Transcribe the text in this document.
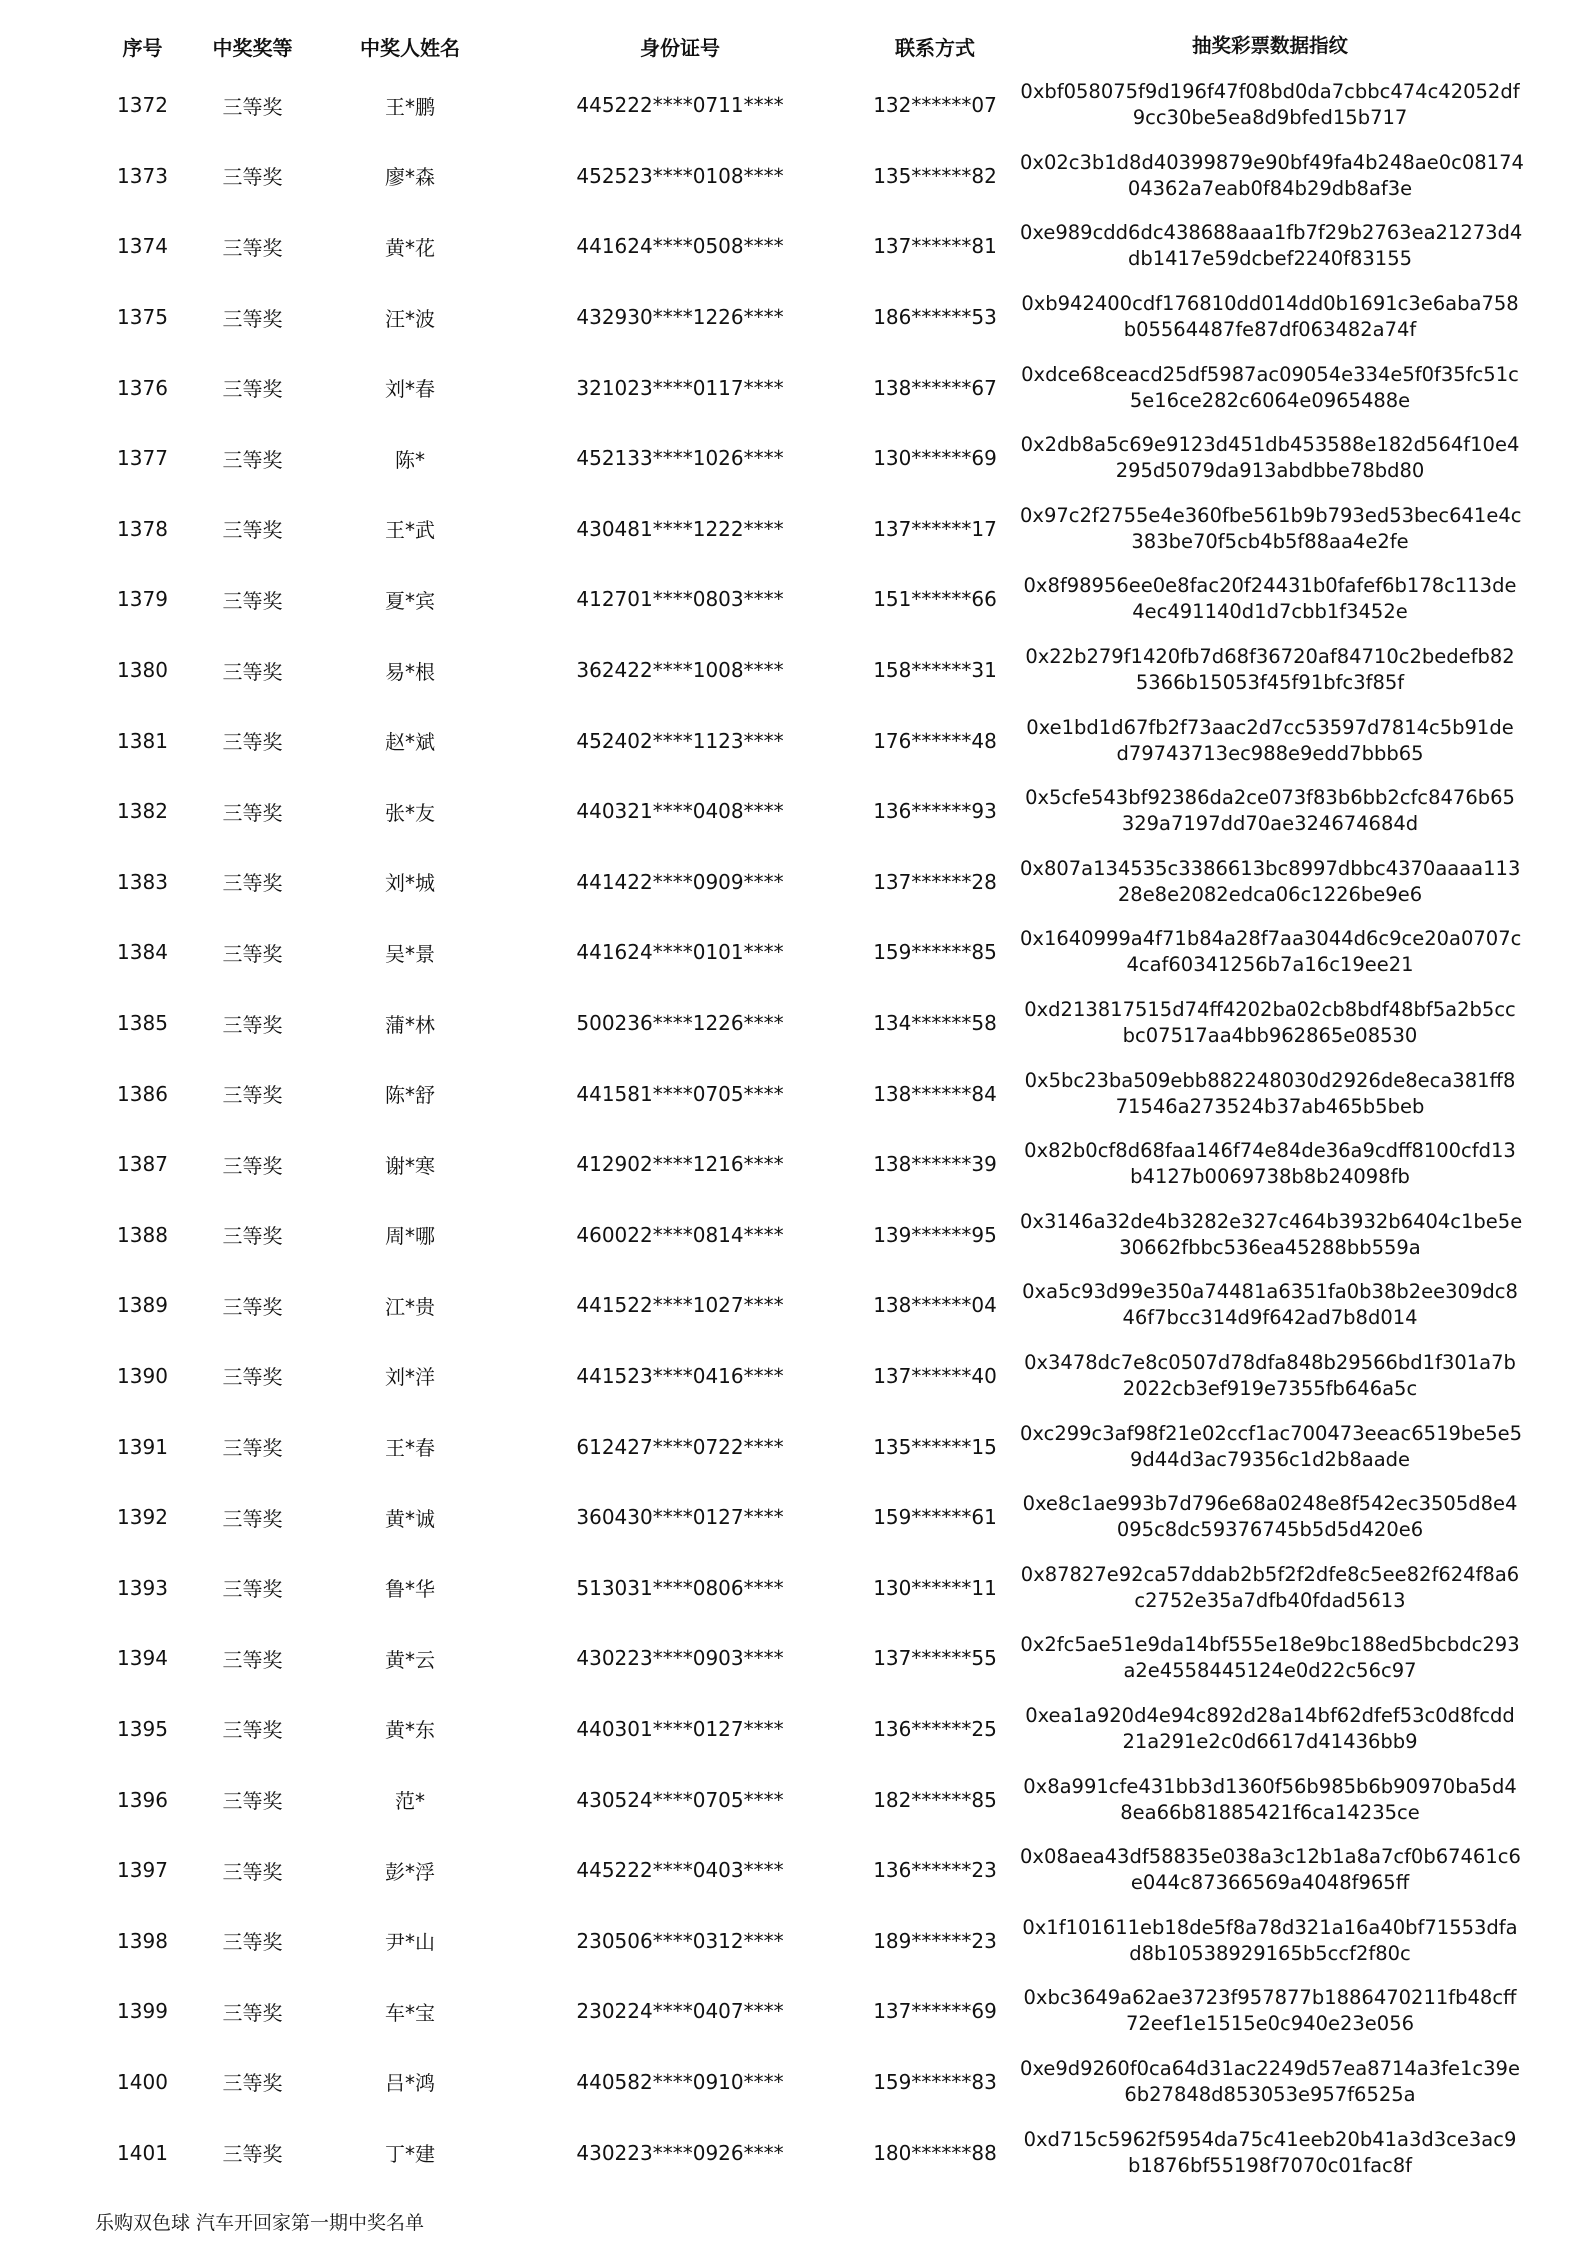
序号	中奖奖等	中奖人姓名	身份证号	联系方式	抽奖彩票数据指纹
1372	三等奖	王*鹏	445222****0711****	132******07
0xbf058075f9d196f47f08bd0da7cbbc474c42052df
9cc30be5ea8d9bfed15b717
1373	三等奖	廖*森	452523****0108****	135******82
0x02c3b1d8d40399879e90bf49fa4b248ae0c08174
04362a7eab0f84b29db8af3e
1374	三等奖	黄*花	441624****0508****	137******81
0xe989cdd6dc438688aaa1fb7f29b2763ea21273d4
db1417e59dcbef2240f83155
1375	三等奖	汪*波	432930****1226****	186******53
0xb942400cdf176810dd014dd0b1691c3e6aba758
b05564487fe87df063482a74f
1376	三等奖	刘*春	321023****0117****	138******67
0xdce68ceacd25df5987ac09054e334e5f0f35fc51c
5e16ce282c6064e0965488e
1377	三等奖	陈*	452133****1026****	130******69
0x2db8a5c69e9123d451db453588e182d564f10e4
295d5079da913abdbbe78bd80
1378	三等奖	王*武	430481****1222****	137******17
0x97c2f2755e4e360fbe561b9b793ed53bec641e4c
383be70f5cb4b5f88aa4e2fe
1379	三等奖	夏*宾	412701****0803****	151******66
0x8f98956ee0e8fac20f24431b0fafef6b178c113de
4ec491140d1d7cbb1f3452e
1380	三等奖	易*根	362422****1008****	158******31
0x22b279f1420fb7d68f36720af84710c2bedefb82
5366b15053f45f91bfc3f85f
1381	三等奖	赵*斌	452402****1123****	176******48
0xe1bd1d67fb2f73aac2d7cc53597d7814c5b91de
d79743713ec988e9edd7bbb65
1382	三等奖	张*友	440321****0408****	136******93
0x5cfe543bf92386da2ce073f83b6bb2cfc8476b65
329a7197dd70ae324674684d
1383	三等奖	刘*城	441422****0909****	137******28
0x807a134535c3386613bc8997dbbc4370aaaa113
28e8e2082edca06c1226be9e6
1384	三等奖	吴*景	441624****0101****	159******85
0x1640999a4f71b84a28f7aa3044d6c9ce20a0707c
4caf60341256b7a16c19ee21
1385	三等奖	蒲*林	500236****1226****	134******58
0xd213817515d74ff4202ba02cb8bdf48bf5a2b5cc
bc07517aa4bb962865e08530
1386	三等奖	陈*舒	441581****0705****	138******84
0x5bc23ba509ebb882248030d2926de8eca381ff8
71546a273524b37ab465b5beb
1387	三等奖	谢*寒	412902****1216****	138******39
0x82b0cf8d68faa146f74e84de36a9cdff8100cfd13
b4127b0069738b8b24098fb
1388	三等奖	周*哪	460022****0814****	139******95
0x3146a32de4b3282e327c464b3932b6404c1be5e
30662fbbc536ea45288bb559a
1389	三等奖	江*贵	441522****1027****	138******04
0xa5c93d99e350a74481a6351fa0b38b2ee309dc8
46f7bcc314d9f642ad7b8d014
1390	三等奖	刘*洋	441523****0416****	137******40
0x3478dc7e8c0507d78dfa848b29566bd1f301a7b
2022cb3ef919e7355fb646a5c
1391	三等奖	王*春	612427****0722****	135******15
0xc299c3af98f21e02ccf1ac700473eeac6519be5e5
9d44d3ac79356c1d2b8aade
1392	三等奖	黄*诚	360430****0127****	159******61
0xe8c1ae993b7d796e68a0248e8f542ec3505d8e4
095c8dc59376745b5d5d420e6
1393	三等奖	鲁*华	513031****0806****	130******11
0x87827e92ca57ddab2b5f2f2dfe8c5ee82f624f8a6
c2752e35a7dfb40fdad5613
1394	三等奖	黄*云	430223****0903****	137******55
0x2fc5ae51e9da14bf555e18e9bc188ed5bcbdc293
a2e4558445124e0d22c56c97
1395	三等奖	黄*东	440301****0127****	136******25
0xea1a920d4e94c892d28a14bf62dfef53c0d8fcdd
21a291e2c0d6617d41436bb9
1396	三等奖	范*	430524****0705****	182******85
0x8a991cfe431bb3d1360f56b985b6b90970ba5d4
8ea66b81885421f6ca14235ce
1397	三等奖	彭*浮	445222****0403****	136******23
0x08aea43df58835e038a3c12b1a8a7cf0b67461c6
e044c87366569a4048f965ff
1398	三等奖	尹*山	230506****0312****	189******23
0x1f101611eb18de5f8a78d321a16a40bf71553dfa
d8b10538929165b5ccf2f80c
1399	三等奖	车*宝	230224****0407****	137******69
0xbc3649a62ae3723f957877b1886470211fb48cff
72eef1e1515e0c940e23e056
1400	三等奖	吕*鸿	440582****0910****	159******83
0xe9d9260f0ca64d31ac2249d57ea8714a3fe1c39e
6b27848d853053e957f6525a
1401	三等奖	丁*建	430223****0926****	180******88
0xd715c5962f5954da75c41eeb20b41a3d3ce3ac9
b1876bf55198f7070c01fac8f
乐购双色球 汽车开回家第一期中奖名单
